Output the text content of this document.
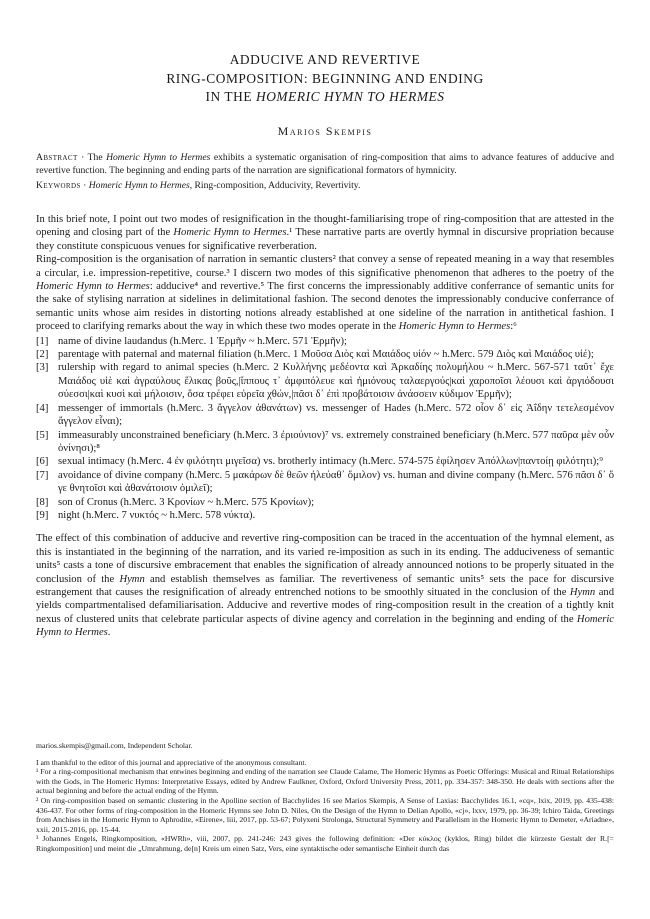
ADDUCIVE AND REVERTIVE
RING-COMPOSITION: BEGINNING AND ENDING
IN THE HOMERIC HYMN TO HERMES
Marios Skempis
Abstract · The Homeric Hymn to Hermes exhibits a systematic organisation of ring-composition that aims to advance features of adducive and revertive function. The beginning and ending parts of the narration are significational formators of hymnicity.
Keywords · Homeric Hymn to Hermes, Ring-composition, Adducivity, Revertivity.

In this brief note, I point out two modes of resignification in the thought-familiarising trope of ring-composition that are attested in the opening and closing part of the Homeric Hymn to Hermes.¹ These narrative parts are overtly hymnal in discursive propriation because they constitute conspicuous venues for significative reverberation.

Ring-composition is the organisation of narration in semantic clusters² that convey a sense of repeated meaning in a way that resembles a circular, i.e. impression-repetitive, course.³ I discern two modes of this significative phenomenon that adheres to the poetry of the Homeric Hymn to Hermes: adducive⁴ and revertive.⁵ The first concerns the impressionably additive conferrance of semantic units for the sake of stylising narration at sidelines in delimitational fashion. The second denotes the impressionably conducive conferrance of semantic units whose aim resides in distorting notions already established at one sideline of the narration in antithetical fashion. I proceed to clarifying remarks about the way in which these two modes operate in the Homeric Hymn to Hermes:⁶

[1] name of divine laudandus (h.Merc. 1 Ἑρμῆν ~ h.Merc. 571 Ἑρμῆν);
[2] parentage with paternal and maternal filiation (h.Merc. 1 Μοῦσα Διὸς καὶ Μαιάδος υἱόν ~ h.Merc. 579 Διὸς καὶ Μαιάδος υἱέ);
[3] rulership with regard to animal species (h.Merc. 2 Κυλλήνης μεδέοντα καὶ Ἀρκαδίης πολυμήλου ~ h.Merc. 567-571 ταῦτ᾽ ἔχε Μαιάδος υἱὲ καὶ ἀγραύλους ἕλικας βοῦς,|ἵππους τ᾽ ἀμφιπόλευε καὶ ἡμιόνους ταλαεργούς|καὶ χαροποῖσι λέουσι καὶ ἀργιόδουσι σύεσσι|καὶ κυσὶ καὶ μήλοισιν, ὅσα τρέφει εὐρεῖα χθών,|πᾶσι δ᾽ ἐπὶ προβάτοισιν ἀνάσσειν κύδιμον Ἑρμῆν);
[4] messenger of immortals (h.Merc. 3 ἄγγελον ἀθανάτων) vs. messenger of Hades (h.Merc. 572 οἶον δ᾽ εἰς Ἀΐδην τετελεσμένον ἄγγελον εἶναι);
[5] immeasurably unconstrained beneficiary (h.Merc. 3 ἐριούνιον)⁷ vs. extremely constrained beneficiary (h.Merc. 577 παῦρα μὲν οὖν ὀνίνησι);⁸
[6] sexual intimacy (h.Merc. 4 ἐν φιλότητι μιγεῖσα) vs. brotherly intimacy (h.Merc. 574-575 ἐφίλησεν Ἀπόλλων|παντοίῃ φιλότητι);⁹
[7] avoidance of divine company (h.Merc. 5 μακάρων δὲ θεῶν ἠλεύαθ᾽ ὅμιλον) vs. human and divine company (h.Merc. 576 πᾶσι δ᾽ ὅ γε θνητοῖσι καὶ ἀθανάτοισιν ὁμιλεῖ);
[8] son of Cronus (h.Merc. 3 Κρονίων ~ h.Merc. 575 Κρονίων);
[9] night (h.Merc. 7 νυκτός ~ h.Merc. 578 νύκτα).

The effect of this combination of adducive and revertive ring-composition can be traced in the accentuation of the hymnal element, as this is instantiated in the beginning of the narration, and its varied re-imposition as such in its ending. The adduciveness of semantic units⁵ casts a tone of discursive embracement that enables the signification of already announced notions to be properly situated in the conclusion of the Hymn and establish themselves as familiar. The revertiveness of semantic units⁵ sets the pace for discursive estrangement that causes the resignification of already entrenched notions to be smoothly situated in the conclusion of the Hymn and yields compartmentalised defamiliarisation. Adducive and revertive modes of ring-composition result in the creation of a tightly knit nexus of clustered units that celebrate particular aspects of divine agency and correlation in the beginning and ending of the Homeric Hymn to Hermes.

marios.skempis@gmail.com, Independent Scholar.

I am thankful to the editor of this journal and appreciative of the anonymous consultant.

¹ For a ring-compositional mechanism that entwines beginning and ending of the narration see Claude Calame, The Homeric Hymns as Poetic Offerings: Musical and Ritual Relationships with the Gods, in The Homeric Hymns: Interpretative Essays, edited by Andrew Faulkner, Oxford, Oxford University Press, 2011, pp. 334-357: 348-350. He deals with sections after the actual beginning and before the actual ending of the Hymn.

² On ring-composition based on semantic clustering in the Apolline section of Bacchylides 16 see Marios Skempis, A Sense of Laxias: Bacchylides 16.1, «cq», lxix, 2019, pp. 435-438: 436-437. For other forms of ring-composition in the Homeric Hymns see John D. Niles, On the Design of the Hymn to Delian Apollo, «cj», lxxv, 1979, pp. 36-39; Ichiro Taida, Greetings from Anchises in the Homeric Hymn to Aphrodite, «Eirene», liii, 2017, pp. 53-67; Polyxeni Strolonga, Structural Symmetry and Parallelism in the Homeric Hymn to Demeter, «Ariadne», xxii, 2015-2016, pp. 15-44.

³ Johannes Engels, Ringkomposition, «HWRh», viii, 2007, pp. 241-246: 243 gives the following definition: «Der κύκλος (kyklos, Ring) bildet die kürzeste Gestalt der R.[= Ringkomposition] und meint die „Umrahmung, de[n] Kreis um einen Satz, Vers, eine syntaktische oder semantische Einheit durch das
